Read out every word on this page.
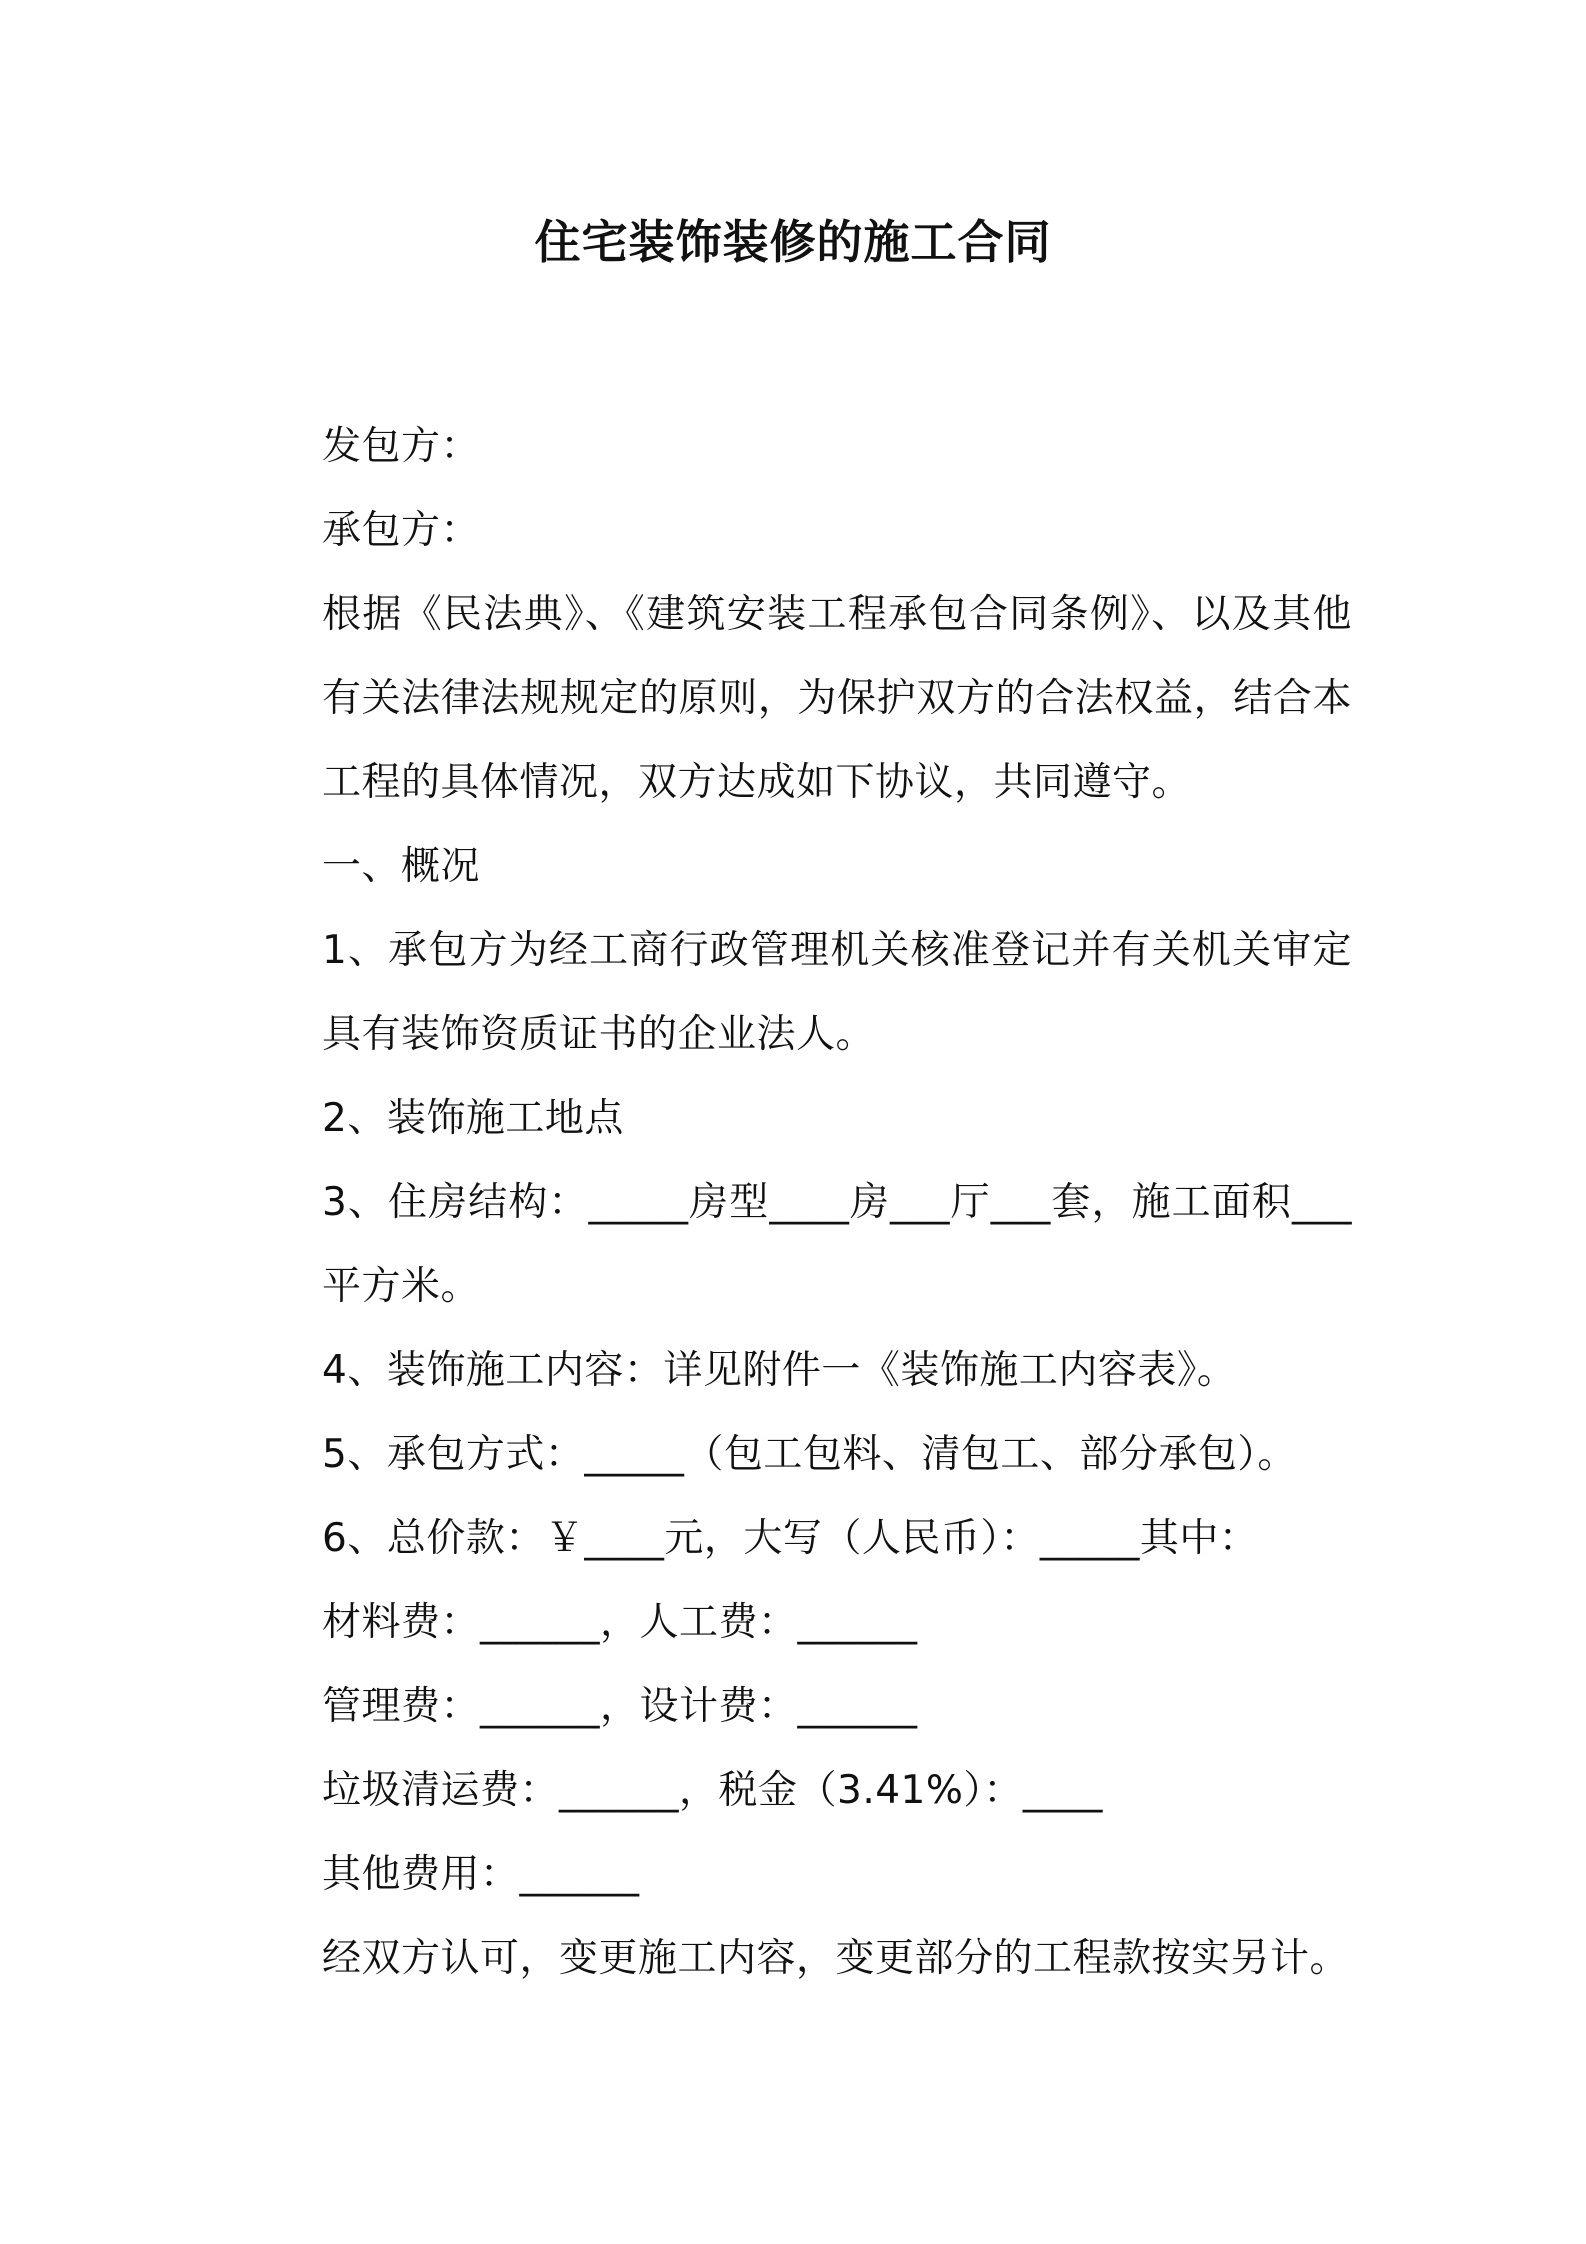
住宅装饰装修的施工合同

发包方：

承包方：

根据《民法典》、《建筑安装工程承包合同条例》、以及其他有关法律法规规定的原则，为保护双方的合法权益，结合本工程的具体情况，双方达成如下协议，共同遵守。

一、概况

1、承包方为经工商行政管理机关核准登记并有关机关审定具有装饰资质证书的企业法人。

2、装饰施工地点

3、住房结构：_____房型____房___厅___套，施工面积___平方米。

4、装饰施工内容：详见附件一《装饰施工内容表》。

5、承包方式：_____（包工包料、清包工、部分承包）。

6、总价款：￥____元，大写（人民币）：_____其中：

材料费：______，人工费：______

管理费：______，设计费：______

垃圾清运费：______，税金（3.41%）：____

其他费用：______

经双方认可，变更施工内容，变更部分的工程款按实另计。
